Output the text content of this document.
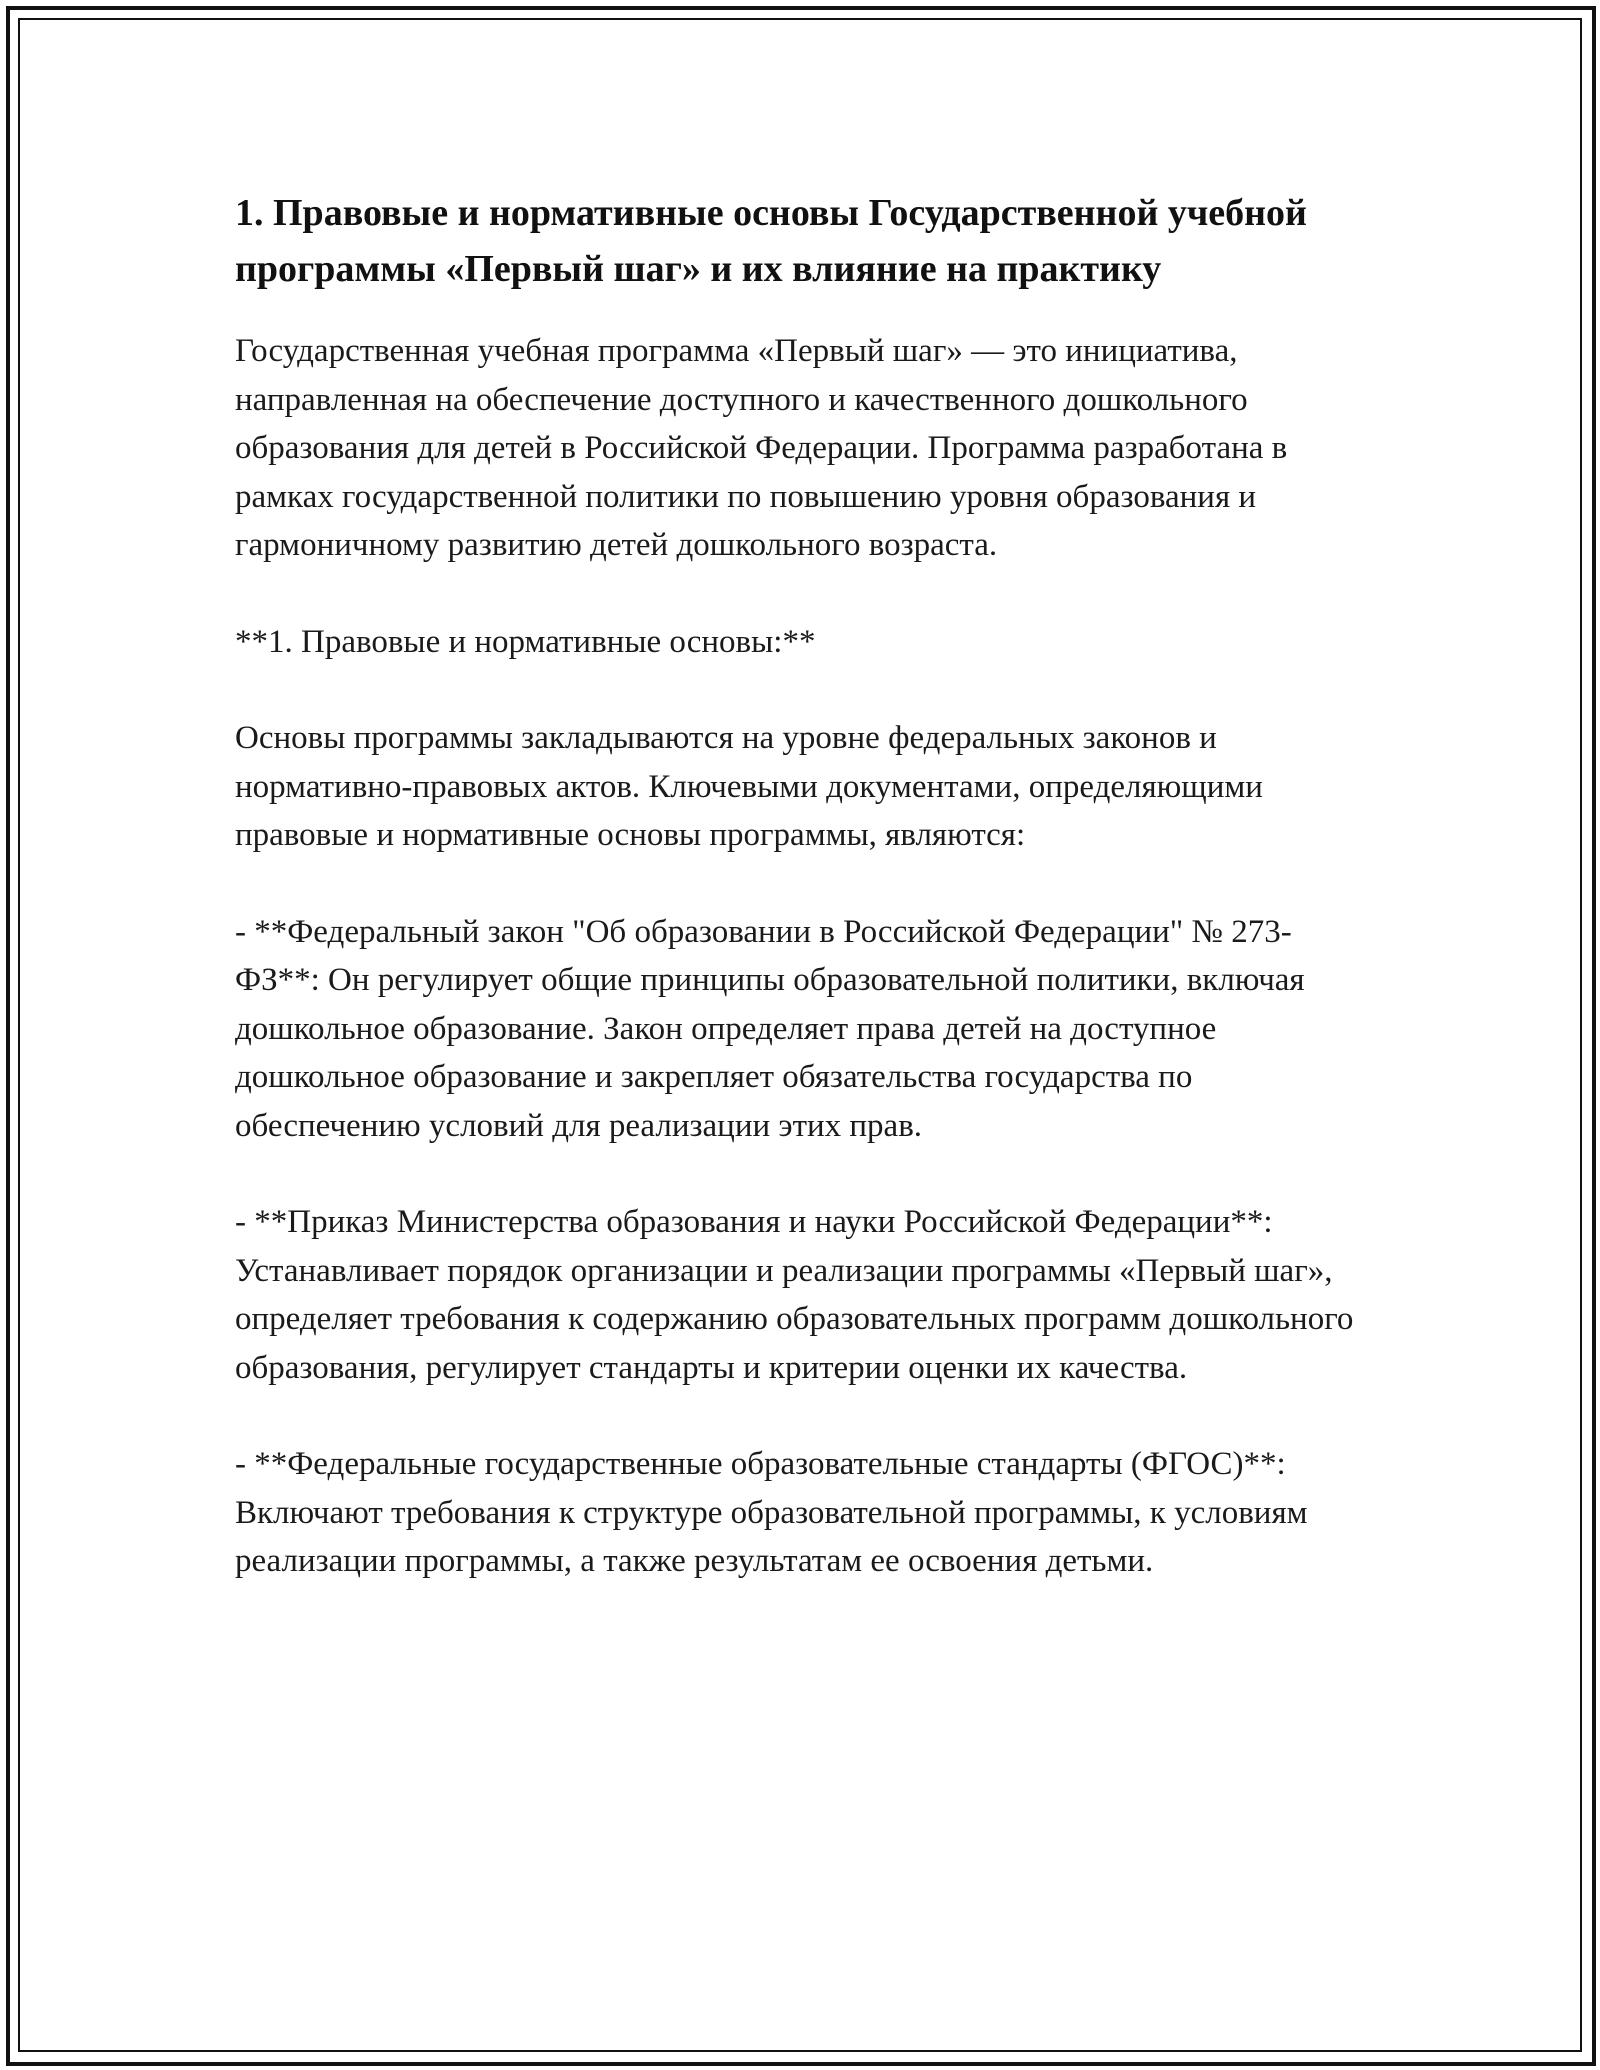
1. Правовые и нормативные основы Государственной учебной программы «Первый шаг» и их влияние на практику

Государственная учебная программа «Первый шаг» — это инициатива, направленная на обеспечение доступного и качественного дошкольного образования для детей в Российской Федерации. Программа разработана в рамках государственной политики по повышению уровня образования и гармоничному развитию детей дошкольного возраста.

**1. Правовые и нормативные основы:**

Основы программы закладываются на уровне федеральных законов и нормативно-правовых актов. Ключевыми документами, определяющими правовые и нормативные основы программы, являются:

- **Федеральный закон "Об образовании в Российской Федерации" № 273-ФЗ**: Он регулирует общие принципы образовательной политики, включая дошкольное образование. Закон определяет права детей на доступное дошкольное образование и закрепляет обязательства государства по обеспечению условий для реализации этих прав.

- **Приказ Министерства образования и науки Российской Федерации**: Устанавливает порядок организации и реализации программы «Первый шаг», определяет требования к содержанию образовательных программ дошкольного образования, регулирует стандарты и критерии оценки их качества.

- **Федеральные государственные образовательные стандарты (ФГОС)**: Включают требования к структуре образовательной программы, к условиям реализации программы, а также результатам ее освоения детьми.
